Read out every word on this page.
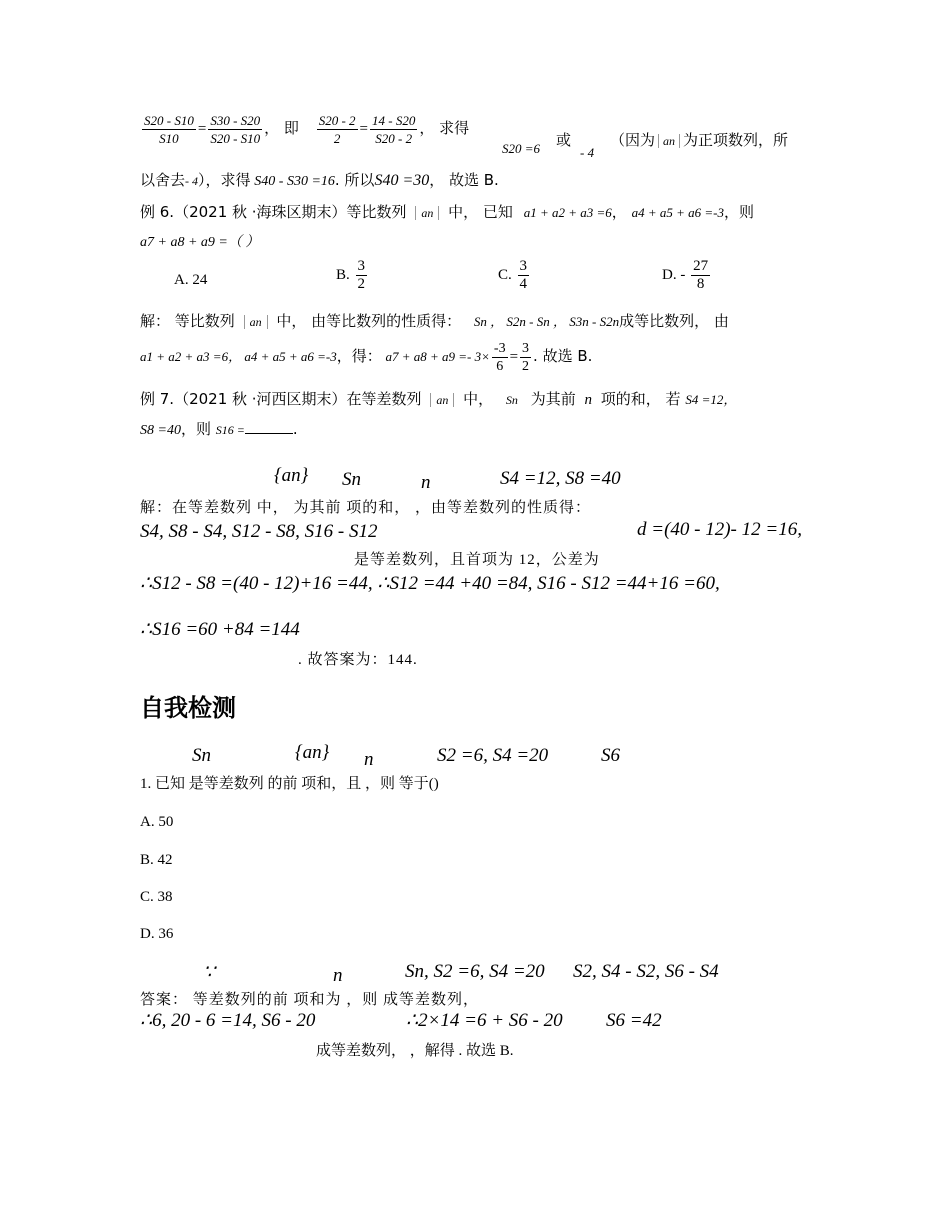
$\frac{S20 - S10}{S10} = \frac{S30 - S20}{S20 - S10}$ ， 即 $\frac{S20 - 2}{2} = \frac{14 - S20}{S20 - 2}$ ， 求得
S20 =6 或
- 4
（因为 an 为正项数列，所
以舍去- 4），求得 S40 - S30 =16. 所以S40 =30， 故选 B.
例 6.（2021 秋 ·海珠区期末）等比数列 an 中， 已知 a1 + a2 + a3 =6， a4 + a5 + a6 =-3，则
a7 + a8 + a9 =（ ）
A. 24	B. $\frac{3}{2}$	C. $\frac{3}{4}$	D. - $\frac{27}{8}$
解： 等比数列 an 中， 由等比数列的性质得： Sn ， S2n - Sn ， S3n - S2n成等比数列， 由
a1 + a2 + a3 =6， a4 + a5 + a6 =-3，得： $a7 + a8 + a9 =- 3\times \frac{-3}{6} = \frac{3}{2}$ . 故选 B.
例 7.（2021 秋 ·河西区期末）在等差数列 an 中， Sn 为其前 n 项的和， 若 S4 =12，
S8 =40，则 S16 =	.
{an} Sn	n	S4 =12, S8 =40
解：在等差数列 中， 为其前 项的和， ，由等差数列的性质得：
S4, S8 - S4, S12 - S8, S16 - S12	d =(40 - 12)- 12 =16,
是等差数列，且首项为 12，公差为
∴S12 - S8 =(40 - 12)+16 =44, ∴S12 =44 +40 =84, S16 - S12 =44+16 =60,
∴S16 =60 +84 =144
. 故答案为：144.
自我检测
Sn	{an} n	S2 =6, S4 =20	S6
1. 已知 是等差数列 的前 项和，且 ，则 等于()
A. 50
B. 42
C. 38
D. 36
∵	n	Sn, S2 =6, S4 =20 S2, S4 - S2, S6 - S4
答案： 等差数列的前 项和为 ，则 成等差数列，
∴6, 20 - 6 =14, S6 - 20	∴2×14 =6 + S6 - 20 S6 =42
成等差数列， ，解得 . 故选 B.
